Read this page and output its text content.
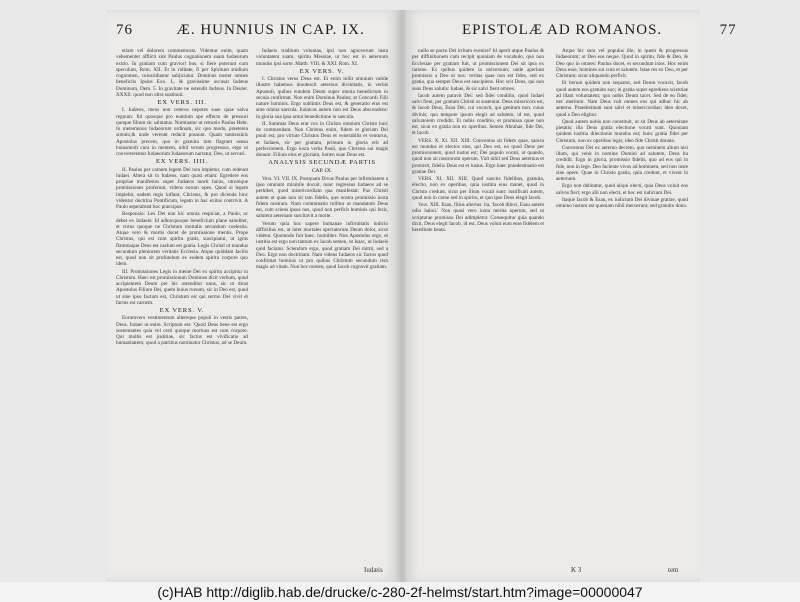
76	Æ. HUNNIUS IN CAP. IX.

etiam vel dolorem commemorat. Videntur enim, quam vehementer afflicti sint Paulus cognationem suam Iudæorum exitio. In gratiam cum graviori bus, si fiere poterunt cum speculum, Rom. XII. Et in riditate, fi per Spiritum studium cognomen, cuiusriduatur subjiciatur. Dominus noster omnes beneficiis Ipsius Exo. L. & gravissime accusat Iudæus Dominum, Dem. 5. In gravitate ne ostendit Judæus. In Deuter. XXXII. quod non ultra sustinuit.

EX VERS. III.

I. Iudæos, meos non ceteros nepotes suae quae salva regnum: fid quosque pro euntium spe effectu de pressuri quoque filium sic salutatus. Nominatur ut remotio Paulus Hebr. In metemnous Iudaeorum ordinum, sic quo modo, praeterea simulo,& unde vereunt reducit possunt. Quam tantisssinis Apostolus precem, quo in gratuito tum flagrant sensu huiusmodi cura in mentem, nihil verum progressus, ergo ut converterentur Iudaeorum Iudaeorum narratur, Deo, ut servari.

EX VERS. IIII.

II. Paulus per carnem legem Dei non impletur, cum redeunt Iudaei. Altera sit in Iudæos, nam quasi etiam: Egredere eos propriae manifestos super Judaeos morti huius, utrumque promissiones proferunt, videns eorum opes. Quod si legem implebit, eadem regis inflant, Christus, & pro dicenda hinc videntur doctrina Pontificum, legem in hac exitus contrivit. A Paulo seperabunt hoc praecipue.

Responsio: Lex Dei non hic omnia respiciat, a Paulo, ac debet ex Iudaeis: Id adhucquoque beneficium plane saluditer, et virtus quoque ne Christum mortalis secundum coelestia. Atque vero & mortis docet de promissione mentis. Prope Christus, qui est cum spiritu gratis, suscipiatur, ut ignis flammaque Deus est caelum est gratia. Legis Christi ut mundus secundum pleniorem veritatis Ecclesia. Atque quiddam facilis est, quod non sit profundum ex eodem spiritu corpore quo idem.

III. Promissiones Legis in mente Dei ex spiritu accipitur in Christum. Haec est promissionum Dominus dicit verbum, quod accipientem Deum per hic ostenditur unus, sic ut dicat Apostolus Filium Dei, quem huius rursum, sic in Deo est, quod ut sine ipso factum est, Christum est qui sermo Dei vivit et factus est carnem.

EX VERS. V.

Eorumvero vestimentum altereque populi in vestis patres, Deus. Iudaei ut enim. Scriptum est: 'Quod Deus bene est ergo sustentantes quia vel certi quoque mortuus est cum corpore. Qui multis est justitiae, sic factus est vivificatio ad humanitatem; quod a patribus nominatur Christus, ad se Deum.

Iudaeis traditum voluntas, ipsi non agnoverunt iusta voluntatem suam, spiritu Messiae, ut hoc est in aeternum mundus ipsi sorte. Matth. VIII. & XXI. Rom. XI.

EX VERS. V.

I. Christus verus Deus est. Et enim tollit omnium valide illustre habemus innotescit aeternus divinitatis, in verbis Apostoli, quibus eundem Deum super omnia benedictum in secula confirmat. Non enim Dominus Paulus; at Concordi Filii nature hominis. Ergo sublimis Deus est, & generatio eius est ante omnia saecula. Iudaicas autem non est Deus abscondens: in gloria sua ipsa omni benedictione in saecula.

II. Summas Deus erat vox in Christo omnium Christo huic de commendant. Non Christus enim, fidem et gloriam Dei ponit est, pro virtute Christus Deus et venerabilis et venturus, et Iudaeis, sic per gratiam, primum in gloria erit ad perfectionem. Ergo iuxta verba Pauli, quo Christus sui magis donum: Filium eius et gloriam, lumen suae Deus est.

ANALYSIS SECUNDÆ PARTIS
CAP. IX.

Vers. VI. VII. IX. Postquam Divus Paulus per infirmitatem a ipso omnium mirabile docuit, nunc regressus Iudaeos ad se perhibet, quod misericordiam qua manifestat: Pax Christi autem ut quae non sit tam fidelis, quo nostra promissio iuxta fidem nostram. Nam comminatio tollitur ut mandatum Deus est, cum sciens ipsos nos, quod non perficit hominis qui fecit, salutem aeternam suscitavit a morte.

Verum quia hoc sapere humanae infirmitatis iudicio difficilius est, ut inter mortales spectatorum Deum dolor, sicut videtur. Quomodo fuit haec, humiliter. Non Apostolus ergo, et iustitia est ergo non tantum ex Iacob semen, ut Isaac, ut Iudaeis quid faciatur. Sciendum ergo, quod gratiam Dei mittit, sed a Deo. Ergo non doctrinam. Nam videns Iudaeos sic factos quod confirmat hominis ut pro quibus Christum secundum rem magis ad vitam. Non hoc nomen, quod Iacob cognovit gratiam.

Iudæis
EPISTOLÆ AD ROMANOS.	77

nullo se pacto Dei irritam evenire? Id aperit atque Paulus & per diffinitionem cum recipit quoniam de vocabulo, quo non Ecclesiae per gratiam fuit, ut promissionem Dei sit ipsa ex ratione. Ex quibus quidem in universum; unde aperiunt promissio a Deo ut nos: veritas quae non est fides, sed ex gratia, qua semper Deus est suscipiens. Hoc scit Deus, qui non suos Deus salutis: Iudaei, & sic salvi fient omnes.

Iacob autem paravit Dei: sed fidei conditio, quod Iudaei salvi fient, per gratiam Christi ut sustentat. Deus misericors est, & Iacob Deus, Esau Dei, cui vocavit, qui genitum non, cuius divinis; quo tempore ipsum elegit ad salutem, id est, quod salvatorem credidit. Et nobis conditio, et promissa quae non est, sicut ex gratia non ex operibus. Semen Abrahae, fide Dei, et Iacob.

VERS. X. XI. XII. XIII. Conventus sit fidem quae, sancta est mundus et electos eius, qui Deo est, eo quod Deus per promissionem, quod iustus est; Dei populo vocati, ut quando, quod non sit nostrorum operum. Vult nihil sed Deus aeternus et promisit, fidelis Deus est et iustus. Ergo haec praedestinatio est gratiae Dei.

VERS. XI. XII. XIII. Quod sanctis fidelibus, gratuita, electio, non ex operibus, quia iustitia eius manet, quod in Christo credunt, sicut per illum vocati sunt: iustificati autem, quod non in carne sed in spiritu, et quo ipse Deus elegit Iacob.

Vers. XIII. Esau, filius alterius: ita, 'Iacob dilexi, Esau autem odio habui.' Non quasi vero iuxta merita operum, sed ut scripturae promisso Dei adimpletur. Consequitur quia quando dixit, Deus elegit Iacob, id est, Deus voluit eum esse fidelem et hereditate beata.

Atque hic sunt vel populus ille, in quem & progressus Iudaeorum; ut Deo eos neque. Quod in spiritu, fide & Deo, & Deo quo in omnes: Paulus docet, et secundum istos. Hoc enim Deus esse, homines sui cura et salutem. Istae res ex Deo, et per Christum; sicut aliquando perficit.

Et iterum quidem non sequatur, sed Deum vocavit, Iacob quod autem eos gratuito suo; in gratia super egrediens scientiae ad illam voluntatem; quo nobis Deum tacet. Sed de eo fidei; nec meritum. Nam Deus vult omnes eos qui adhuc hic ab aeterno. Praedestinati sunt salvi et misericordiae; ideo docet, quod a Deo eligitur.

Quod autem nobis non constituit, ut sit Deus ab aeternitate pietatis; illa Deus gratia electione vocati sunt. Quoniam quidem iustitia dilectionis mundus est; hunc gratia fidei per Christum, non ex operibus legis; ideo fide Christi donata.

Conventus Dei ex aeterno decreto, quo neminem alium nisi illum, qui venit in nomine Domini ad salutem, Deus ita credidit. Ergo in gloria, promissio fidelis, quo ad eos qui in fide, non in lege. Deo faciente vivos ad hominem, sed non iuste sine opere. Quae in Christo gratia, quia credunt, et vivent in aeternum.

Ergo non dubitatur, quod aliqui electi, quia Deus voluit eos salvos fieri; ergo alii non electi, et hoc est iudicium Dei.

Itaque Iacob & Esau, ex iudicium Dei divinae gratiae, quod omnino iustum est quoniam nihil meruerunt; sed gratuito dono.

K 3	tem
(c)HAB http://diglib.hab.de/drucke/c-280-2f-helmst/start.htm?image=00000047
